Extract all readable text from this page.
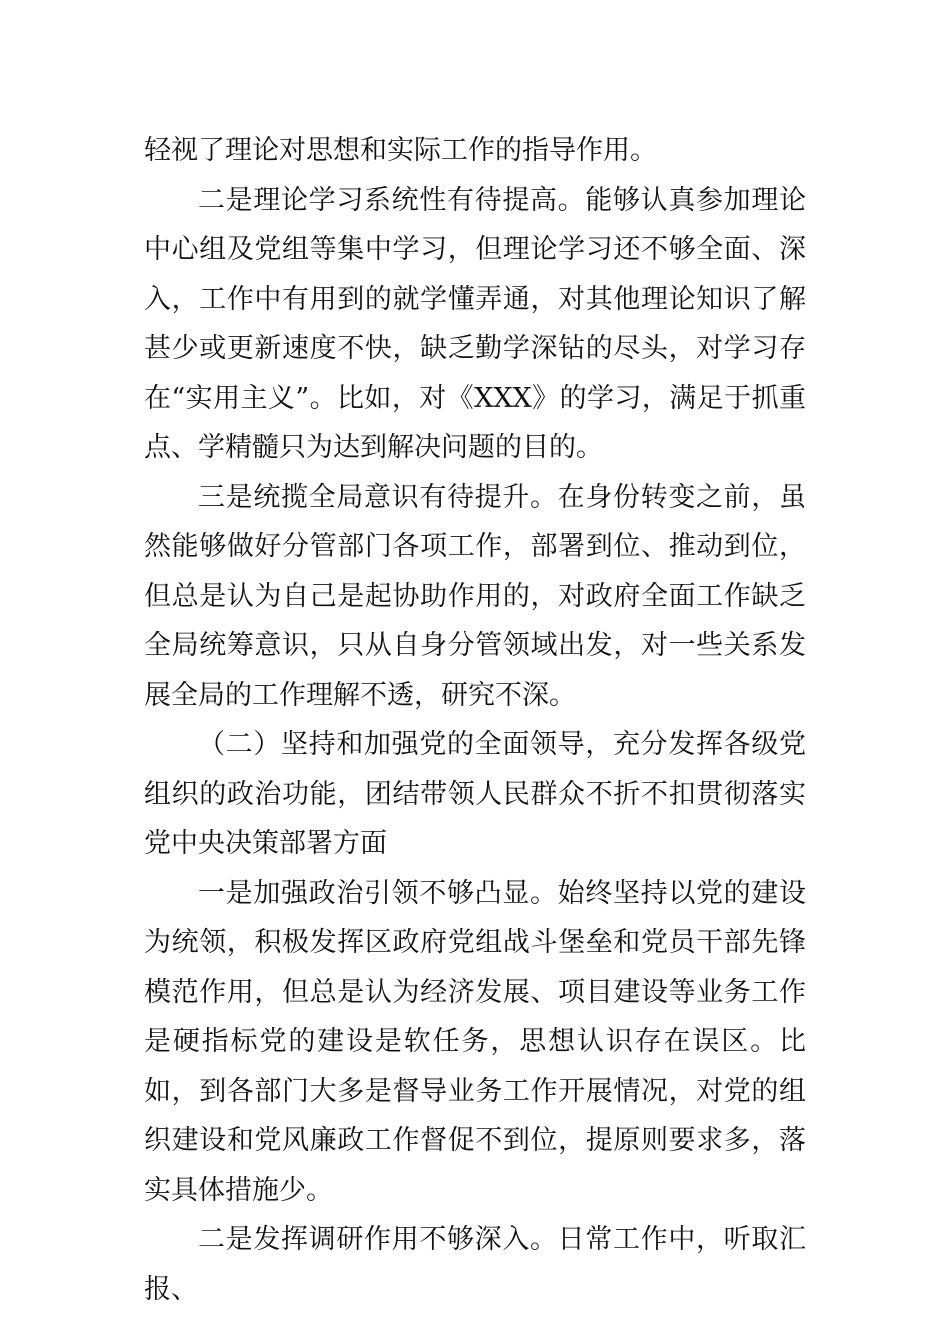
轻视了理论对思想和实际工作的指导作用。

二是理论学习系统性有待提高。能够认真参加理论中心组及党组等集中学习，但理论学习还不够全面、深入，工作中有用到的就学懂弄通，对其他理论知识了解甚少或更新速度不快，缺乏勤学深钻的尽头，对学习存在“实用主义”。比如，对《XXX》的学习，满足于抓重点、学精髓只为达到解决问题的目的。

三是统揽全局意识有待提升。在身份转变之前，虽然能够做好分管部门各项工作，部署到位、推动到位，但总是认为自己是起协助作用的，对政府全面工作缺乏全局统筹意识，只从自身分管领域出发，对一些关系发展全局的工作理解不透，研究不深。

（二）坚持和加强党的全面领导，充分发挥各级党组织的政治功能，团结带领人民群众不折不扣贯彻落实党中央决策部署方面

一是加强政治引领不够凸显。始终坚持以党的建设为统领，积极发挥区政府党组战斗堡垒和党员干部先锋模范作用，但总是认为经济发展、项目建设等业务工作是硬指标党的建设是软任务，思想认识存在误区。比如，到各部门大多是督导业务工作开展情况，对党的组织建设和党风廉政工作督促不到位，提原则要求多，落实具体措施少。

二是发挥调研作用不够深入。日常工作中，听取汇报、
